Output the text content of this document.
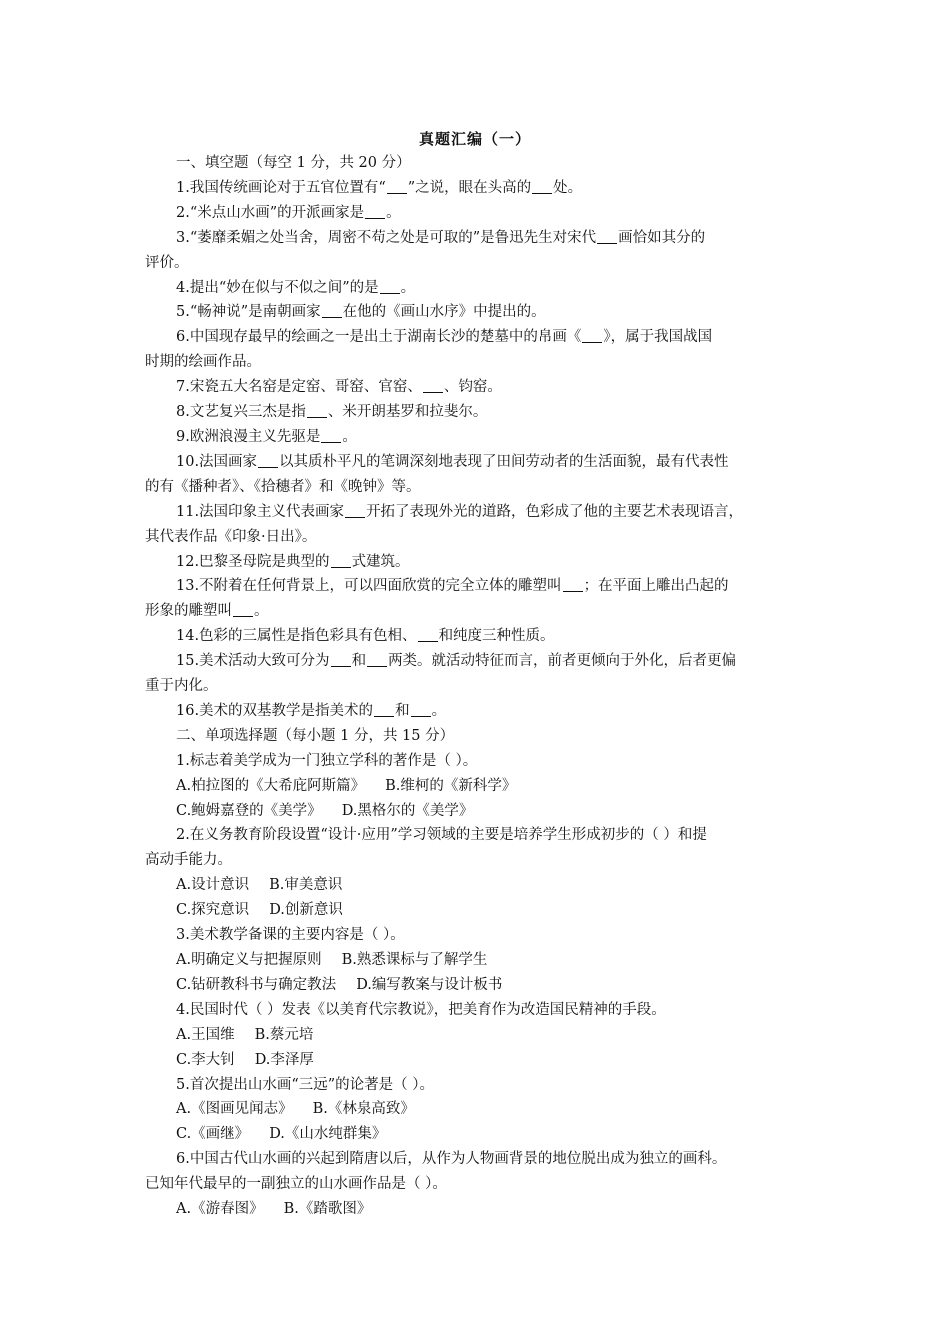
真题汇编（一）
一、填空题（每空 1 分，共 20 分）
1.我国传统画论对于五官位置有“ ”之说，眼在头高的 处。
2.“米点山水画”的开派画家是 。
3.“萎靡柔媚之处当舍，周密不苟之处是可取的”是鲁迅先生对宋代 画恰如其分的
评价。
4.提出“妙在似与不似之间”的是 。
5.“畅神说”是南朝画家 在他的《画山水序》中提出的。
6.中国现存最早的绘画之一是出土于湖南长沙的楚墓中的帛画《 》，属于我国战国
时期的绘画作品。
7.宋瓷五大名窑是定窑、哥窑、官窑、 、钧窑。
8.文艺复兴三杰是指 、米开朗基罗和拉斐尔。
9.欧洲浪漫主义先驱是 。
10.法国画家 以其质朴平凡的笔调深刻地表现了田间劳动者的生活面貌，最有代表性
的有《播种者》、《拾穗者》和《晚钟》等。
11.法国印象主义代表画家 开拓了表现外光的道路，色彩成了他的主要艺术表现语言，
其代表作品《印象·日出》。
12.巴黎圣母院是典型的 式建筑。
13.不附着在任何背景上，可以四面欣赏的完全立体的雕塑叫 ；在平面上雕出凸起的
形象的雕塑叫 。
14.色彩的三属性是指色彩具有色相、 和纯度三种性质。
15.美术活动大致可分为 和 两类。就活动特征而言，前者更倾向于外化，后者更偏
重于内化。
16.美术的双基教学是指美术的 和 。
二、单项选择题（每小题 1 分，共 15 分）
1.标志着美学成为一门独立学科的著作是（ ）。
A.柏拉图的《大希庇阿斯篇》 B.维柯的《新科学》
C.鲍姆嘉登的《美学》 D.黑格尔的《美学》
2.在义务教育阶段设置“设计·应用”学习领域的主要是培养学生形成初步的（ ）和提
高动手能力。
A.设计意识 B.审美意识
C.探究意识 D.创新意识
3.美术教学备课的主要内容是（ ）。
A.明确定义与把握原则 B.熟悉课标与了解学生
C.钻研教科书与确定教法 D.编写教案与设计板书
4.民国时代（ ）发表《以美育代宗教说》，把美育作为改造国民精神的手段。
A.王国维 B.蔡元培
C.李大钊 D.李泽厚
5.首次提出山水画“三远”的论著是（ ）。
A.《图画见闻志》 B.《林泉高致》
C.《画继》 D.《山水纯群集》
6.中国古代山水画的兴起到隋唐以后，从作为人物画背景的地位脱出成为独立的画科。
已知年代最早的一副独立的山水画作品是（ ）。
A.《游春图》 B.《踏歌图》
